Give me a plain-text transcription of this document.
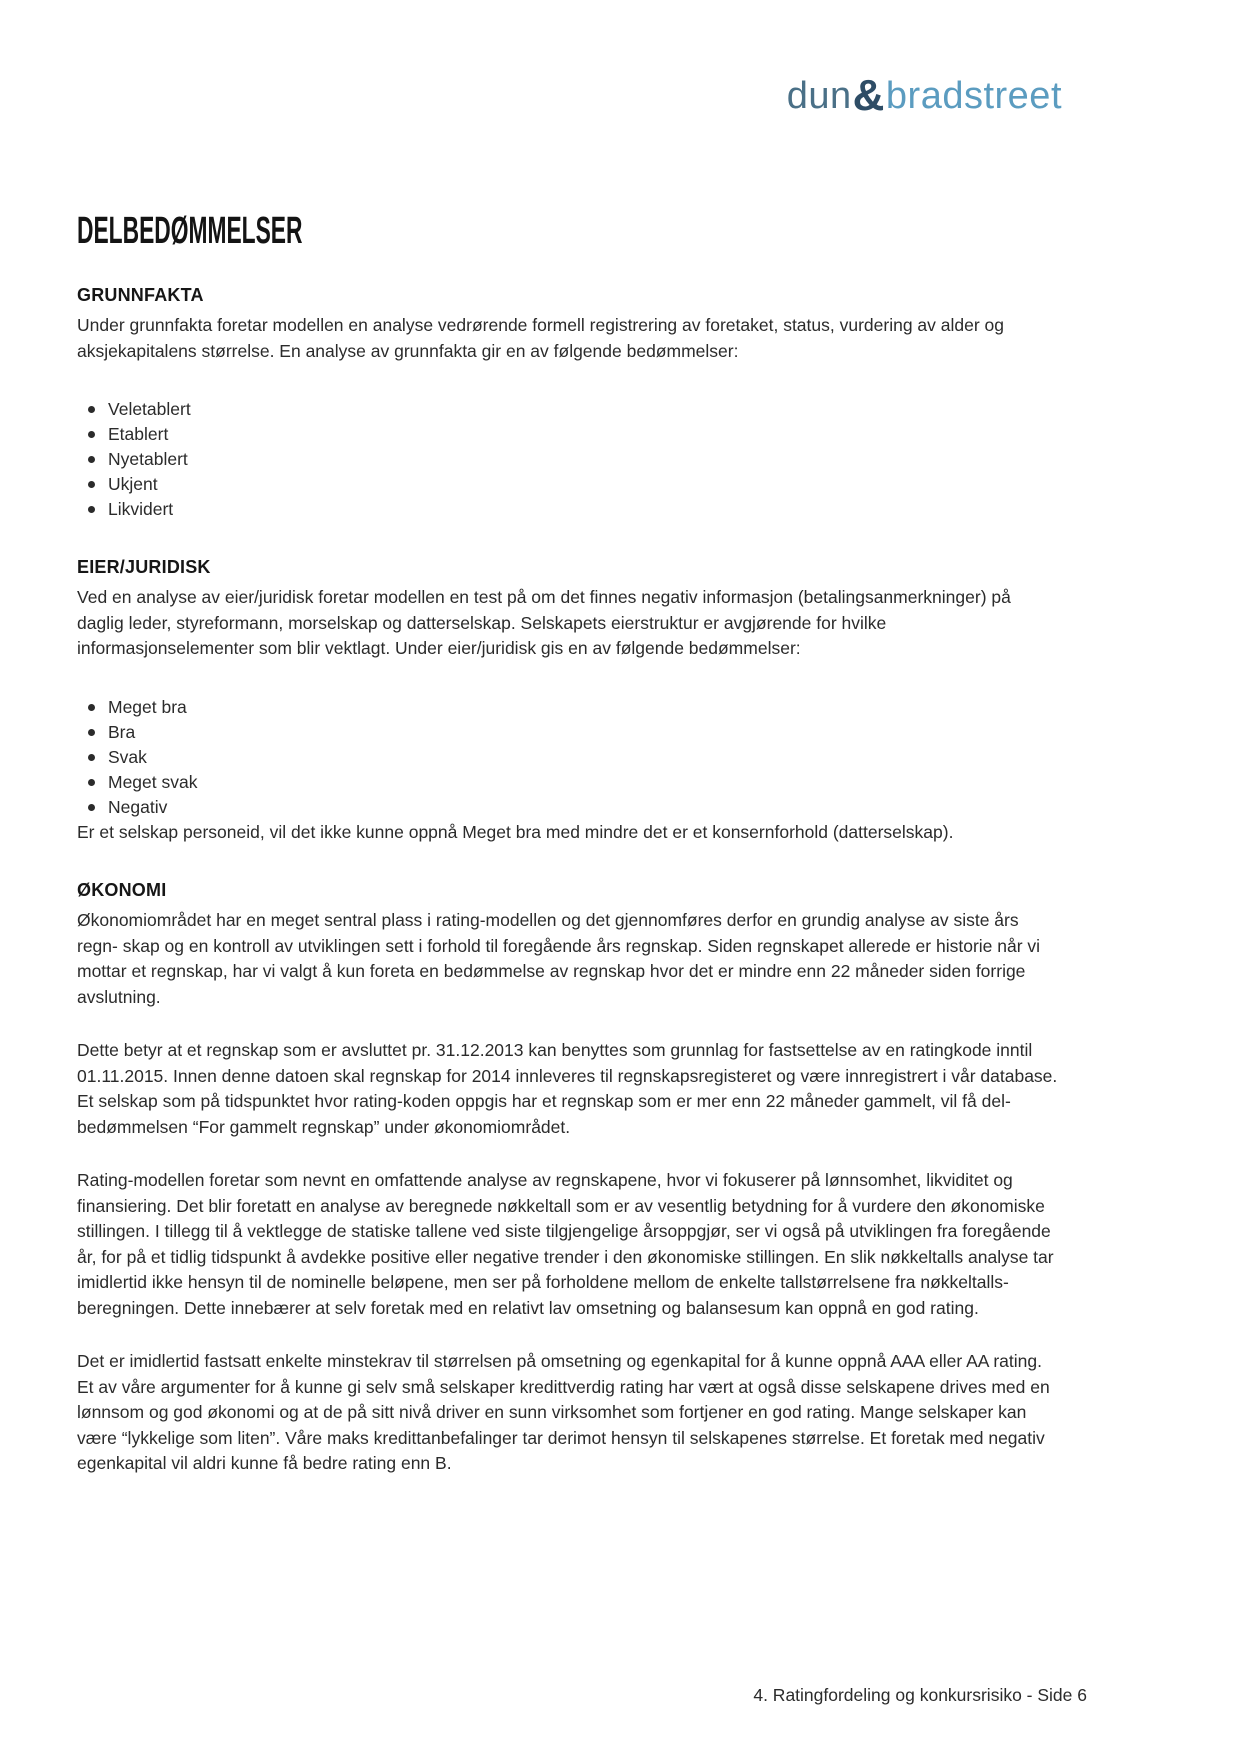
dun&bradstreet
DELBEDØMMELSER
GRUNNFAKTA

Under grunnfakta foretar modellen en analyse vedrørende formell registrering av foretaket, status, vurdering av alder og aksjekapitalens størrelse. En analyse av grunnfakta gir en av følgende bedømmelser:

Veletablert
Etablert
Nyetablert
Ukjent
Likvidert
EIER/JURIDISK

Ved en analyse av eier/juridisk foretar modellen en test på om det finnes negativ informasjon (betalingsanmerkninger) på daglig leder, styreformann, morselskap og datterselskap. Selskapets eierstruktur er avgjørende for hvilke informasjonselementer som blir vektlagt. Under eier/juridisk gis en av følgende bedømmelser:

Meget bra
Bra
Svak
Meget svak
Negativ

Er et selskap personeid, vil det ikke kunne oppnå Meget bra med mindre det er et konsernforhold (datterselskap).

ØKONOMI

Økonomiområdet har en meget sentral plass i rating-modellen og det gjennomføres derfor en grundig analyse av siste års regn- skap og en kontroll av utviklingen sett i forhold til foregående års regnskap. Siden regnskapet allerede er historie når vi mottar et regnskap, har vi valgt å kun foreta en bedømmelse av regnskap hvor det er mindre enn 22 måneder siden forrige avslutning.

Dette betyr at et regnskap som er avsluttet pr. 31.12.2013 kan benyttes som grunnlag for fastsettelse av en ratingkode inntil 01.11.2015. Innen denne datoen skal regnskap for 2014 innleveres til regnskapsregisteret og være innregistrert i vår database. Et selskap som på tidspunktet hvor rating-koden oppgis har et regnskap som er mer enn 22 måneder gammelt, vil få del- bedømmelsen “For gammelt regnskap” under økonomiområdet.

Rating-modellen foretar som nevnt en omfattende analyse av regnskapene, hvor vi fokuserer på lønnsomhet, likviditet og finansiering. Det blir foretatt en analyse av beregnede nøkkeltall som er av vesentlig betydning for å vurdere den økonomiske stillingen. I tillegg til å vektlegge de statiske tallene ved siste tilgjengelige årsoppgjør, ser vi også på utviklingen fra foregående år, for på et tidlig tidspunkt å avdekke positive eller negative trender i den økonomiske stillingen. En slik nøkkeltalls analyse tar imidlertid ikke hensyn til de nominelle beløpene, men ser på forholdene mellom de enkelte tallstørrelsene fra nøkkeltalls- beregningen. Dette innebærer at selv foretak med en relativt lav omsetning og balansesum kan oppnå en god rating.

Det er imidlertid fastsatt enkelte minstekrav til størrelsen på omsetning og egenkapital for å kunne oppnå AAA eller AA rating. Et av våre argumenter for å kunne gi selv små selskaper kredittverdig rating har vært at også disse selskapene drives med en lønnsom og god økonomi og at de på sitt nivå driver en sunn virksomhet som fortjener en god rating. Mange selskaper kan være “lykkelige som liten”. Våre maks kredittanbefalinger tar derimot hensyn til selskapenes størrelse. Et foretak med negativ egenkapital vil aldri kunne få bedre rating enn B.

4. Ratingfordeling og konkursrisiko - Side 6
